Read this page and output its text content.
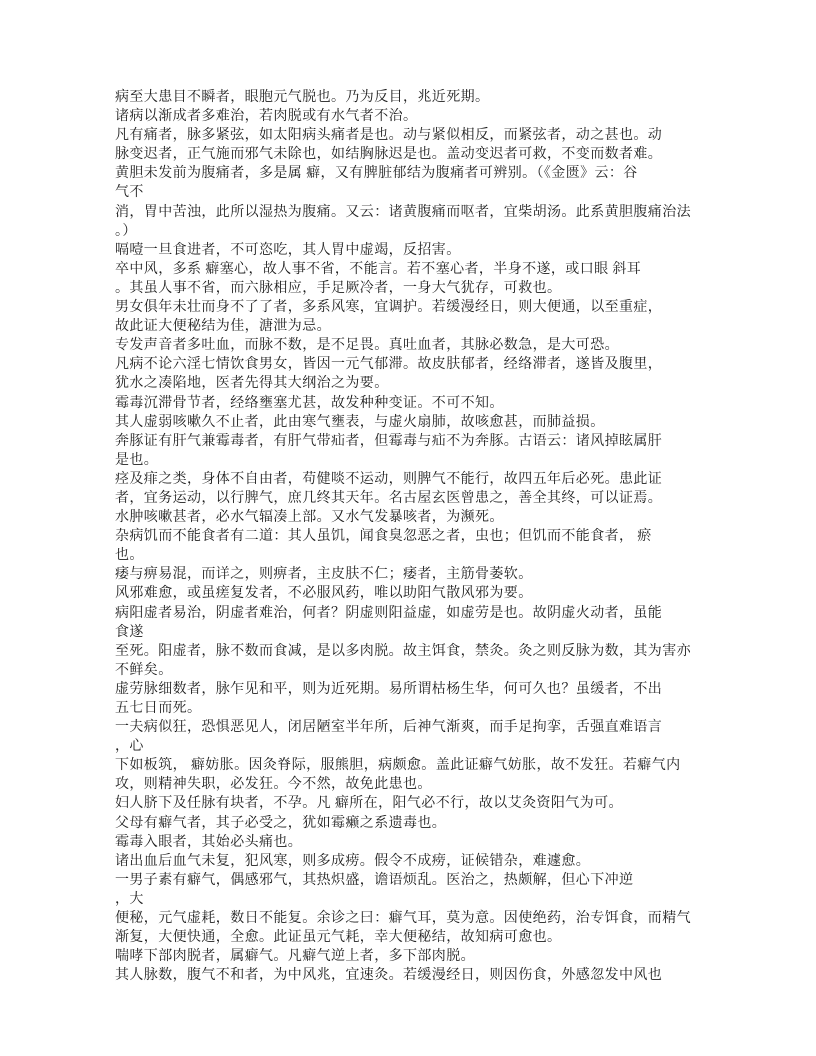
病至大患目不瞬者，眼胞元气脱也。乃为反目，兆近死期。
诸病以渐成者多难治，若肉脱或有水气者不治。
凡有痛者，脉多紧弦，如太阳病头痛者是也。动与紧似相反，而紧弦者，动之甚也。动
脉变迟者，正气施而邪气未除也，如结胸脉迟是也。盖动变迟者可救，不变而数者难。
黄胆未发前为腹痛者，多是属 癖，又有脾脏郁结为腹痛者可辨别。（《金匮》云：谷
气不
消，胃中苦浊，此所以湿热为腹痛。又云：诸黄腹痛而呕者，宜柴胡汤。此系黄胆腹痛治法
。）
嗝噎一旦食进者，不可恣吃，其人胃中虚竭，反招害。
卒中风，多系 癖塞心，故人事不省，不能言。若不塞心者，半身不遂，或口眼 斜耳
。其虽人事不省，而六脉相应，手足厥冷者，一身大气犹存，可救也。
男女俱年未壮而身不了了者，多系风寒，宜调护。若缓漫经日，则大便通，以至重症，
故此证大便秘结为佳，溏泄为忌。
专发声音者多吐血，而脉不数，是不足畏。真吐血者，其脉必数急，是大可恐。
凡病不论六淫七情饮食男女，皆因一元气郁滞。故皮肤郁者，经络滞者，遂皆及腹里，
犹水之凑陷地，医者先得其大纲治之为要。
霉毒沉滞骨节者，经络壅塞尤甚，故发种种变证。不可不知。
其人虚弱咳嗽久不止者，此由寒气壅表，与虚火扇肺，故咳愈甚，而肺益损。
奔豚证有肝气兼霉毒者，有肝气带疝者，但霉毒与疝不为奔豚。古语云：诸风掉眩属肝
是也。
痉及痱之类，身体不自由者，苟健啖不运动，则脾气不能行，故四五年后必死。患此证
者，宜务运动，以行脾气，庶几终其天年。名古屋玄医曾患之，善全其终，可以证焉。
水肿咳嗽甚者，必水气辐凑上部。又水气发暴咳者，为濒死。
杂病饥而不能食者有二道：其人虽饥，闻食臭忽恶之者，虫也；但饥而不能食者， 瘀
也。
痿与痹易混，而详之，则痹者，主皮肤不仁；痿者，主筋骨萎软。
风邪难愈，或虽瘥复发者，不必服风药，唯以助阳气散风邪为要。
病阳虚者易治，阴虚者难治，何者？阴虚则阳益虚，如虚劳是也。故阴虚火动者，虽能
食遂
至死。阳虚者，脉不数而食减，是以多肉脱。故主饵食，禁灸。灸之则反脉为数，其为害亦
不鲜矣。
虚劳脉细数者，脉乍见和平，则为近死期。易所谓枯杨生华，何可久也？虽缓者，不出
五七日而死。
一夫病似狂，恐惧恶见人，闭居陋室半年所，后神气渐爽，而手足拘挛，舌强直难语言
，心
下如板筑， 癖妨胀。因灸脊际，服熊胆，病颇愈。盖此证癖气妨胀，故不发狂。若癖气内
攻，则精神失职，必发狂。今不然，故免此患也。
妇人脐下及任脉有块者，不孕。凡 癖所在，阳气必不行，故以艾灸资阳气为可。
父母有癖气者，其子必受之，犹如霉癞之系遗毒也。
霉毒入眼者，其始必头痛也。
诸出血后血气未复，犯风寒，则多成痨。假令不成痨，证候错杂，难遽愈。
一男子素有癖气，偶感邪气，其热炽盛，谵语烦乱。医治之，热颇解，但心下冲逆
，大
便秘，元气虚耗，数日不能复。余诊之曰：癖气耳，莫为意。因使绝药，治专饵食，而精气
渐复，大便快通，全愈。此证虽元气耗，幸大便秘结，故知病可愈也。
喘哮下部肉脱者，属癖气。凡癖气逆上者，多下部肉脱。
其人脉数，腹气不和者，为中风兆，宜速灸。若缓漫经日，则因伤食，外感忽发中风也
